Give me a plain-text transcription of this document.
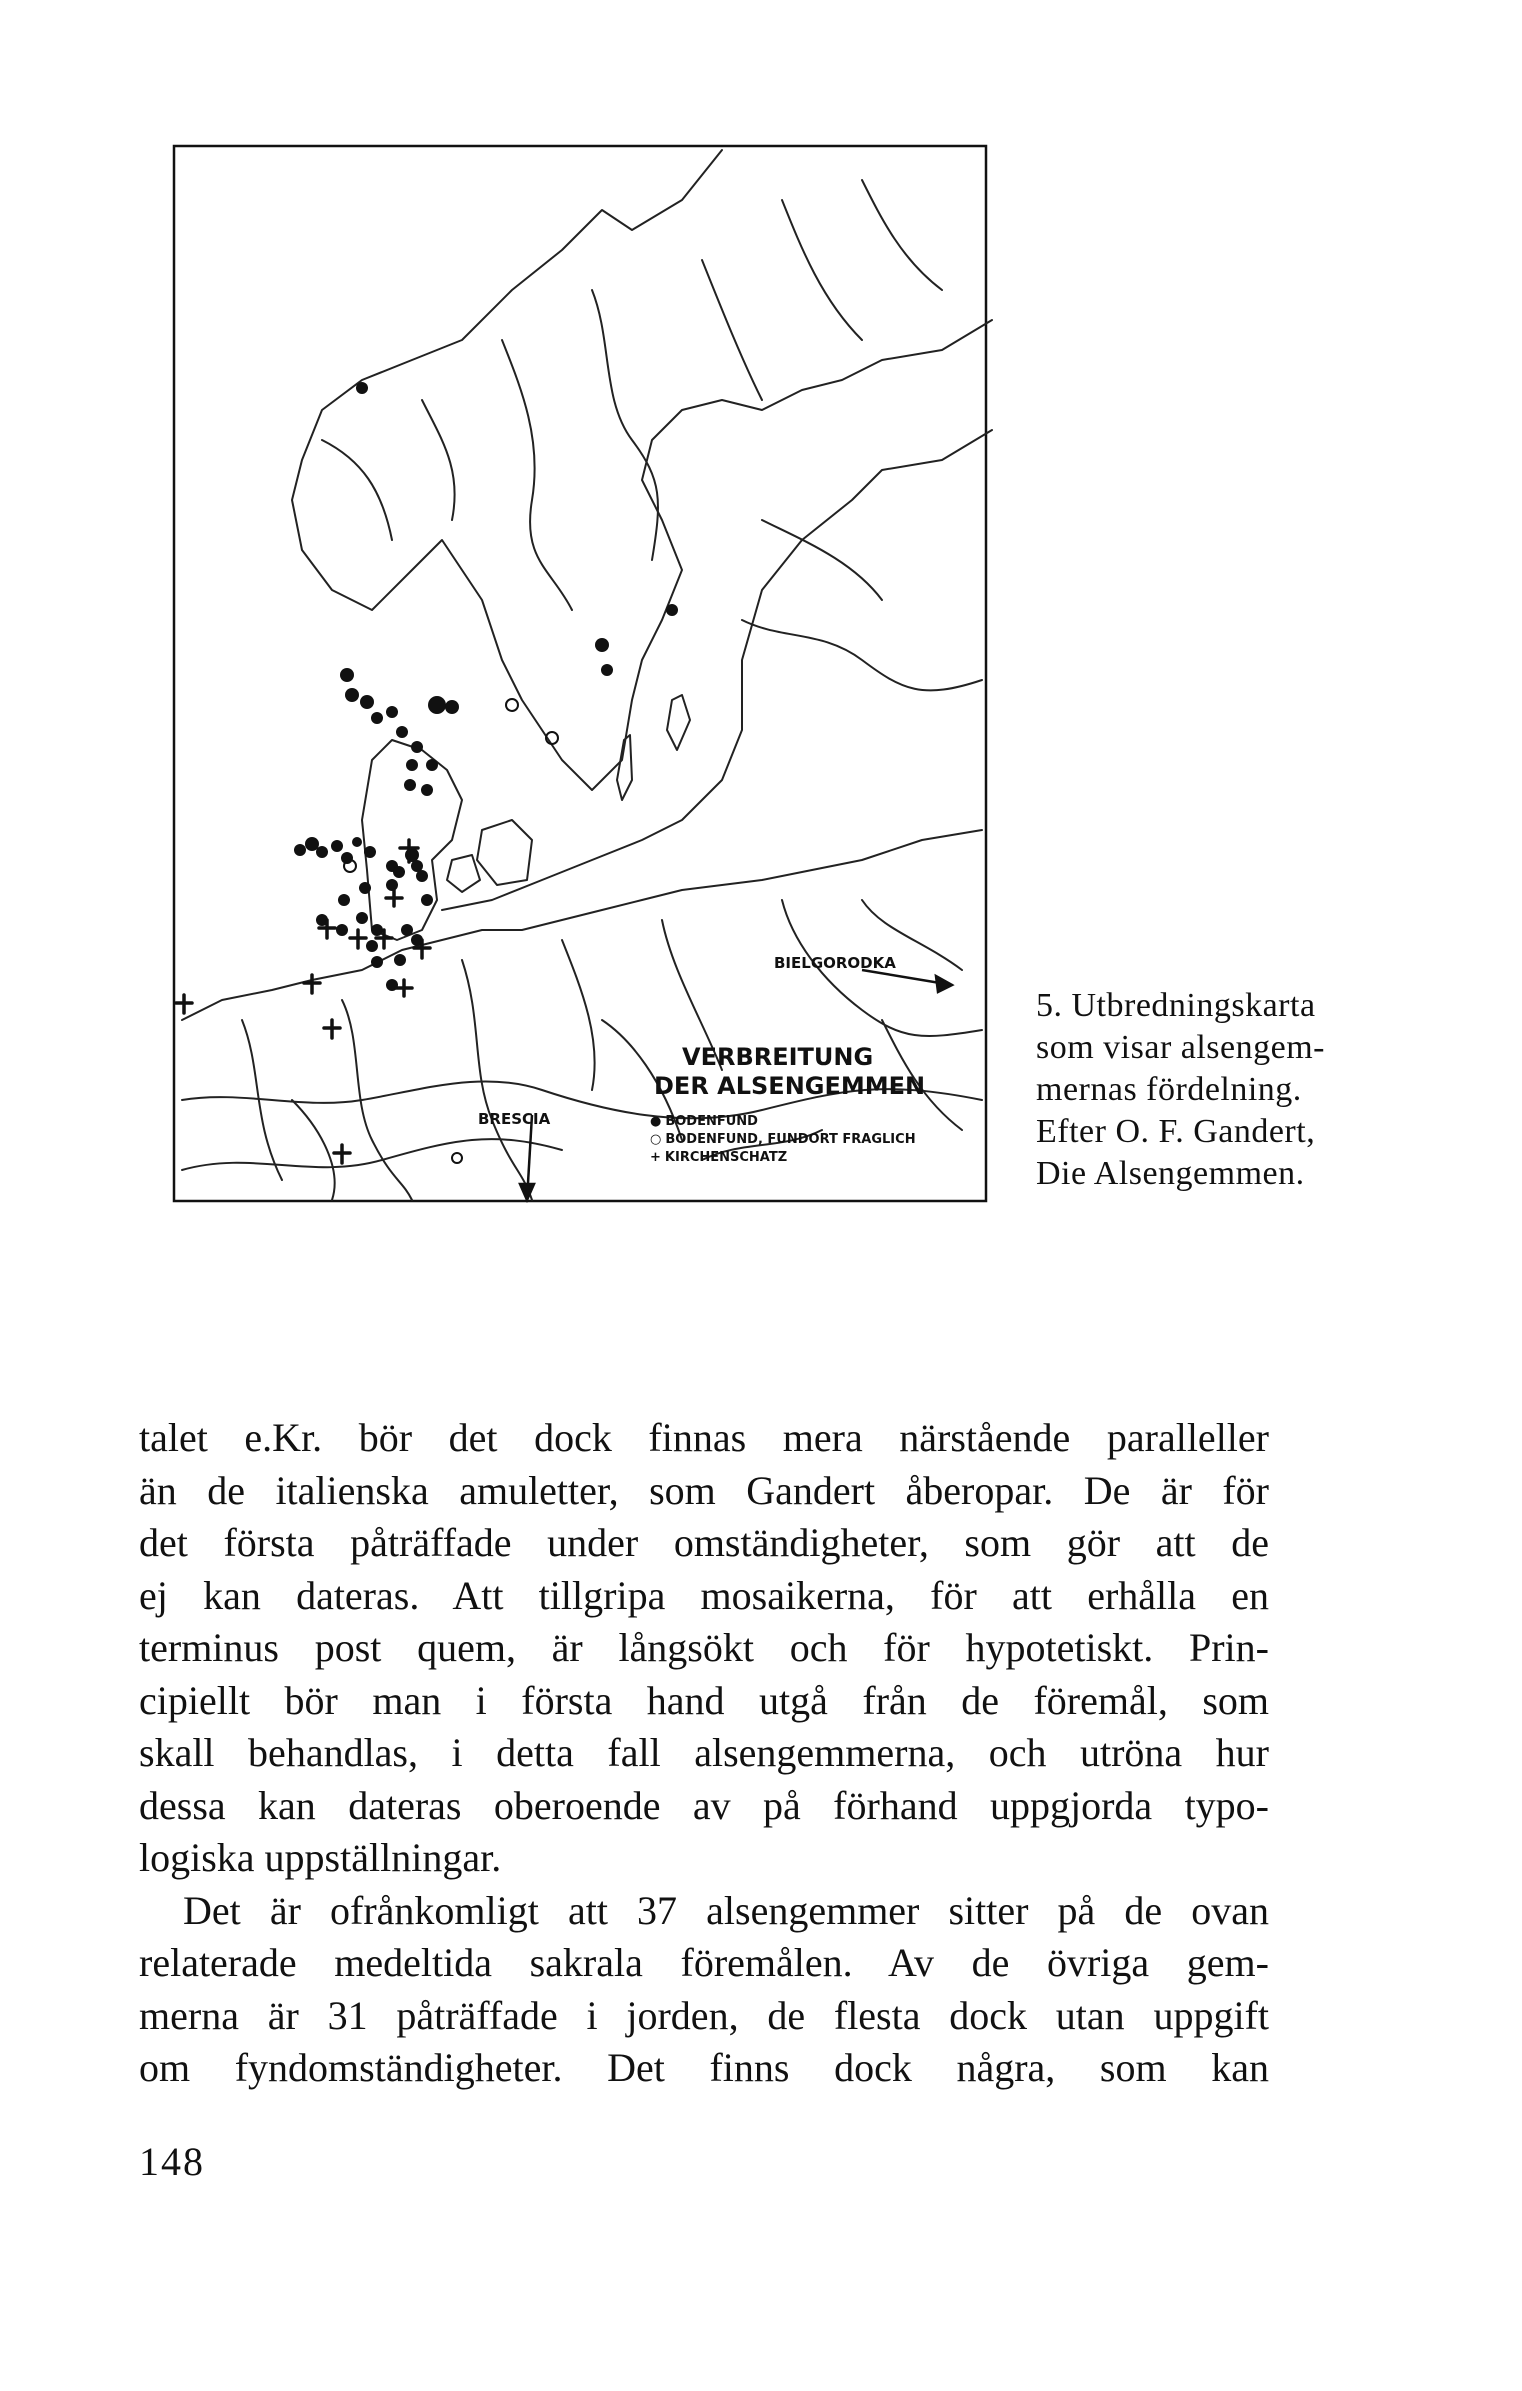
BIELGORODKA
BRESCIA
VERBREITUNG
DER ALSENGEMMEN
● BODENFUND
○ BODENFUND, FUNDORT FRAGLICH
+ KIRCHENSCHATZ
5. Utbredningskarta
som visar alsengem-
mernas fördelning.
Efter O. F. Gandert,
Die Alsengemmen.
talet e.Kr. bör det dock finnas mera närstående paralleller
än de italienska amuletter, som Gandert åberopar. De är för
det första påträffade under omständigheter, som gör att de
ej kan dateras. Att tillgripa mosaikerna, för att erhålla en
terminus post quem, är långsökt och för hypotetiskt. Prin-
cipiellt bör man i första hand utgå från de föremål, som
skall behandlas, i detta fall alsengemmerna, och utröna hur
dessa kan dateras oberoende av på förhand uppgjorda typo-
logiska uppställningar.
Det är ofrånkomligt att 37 alsengemmer sitter på de ovan
relaterade medeltida sakrala föremålen. Av de övriga gem-
merna är 31 påträffade i jorden, de flesta dock utan uppgift
om fyndomständigheter. Det finns dock några, som kan
148
